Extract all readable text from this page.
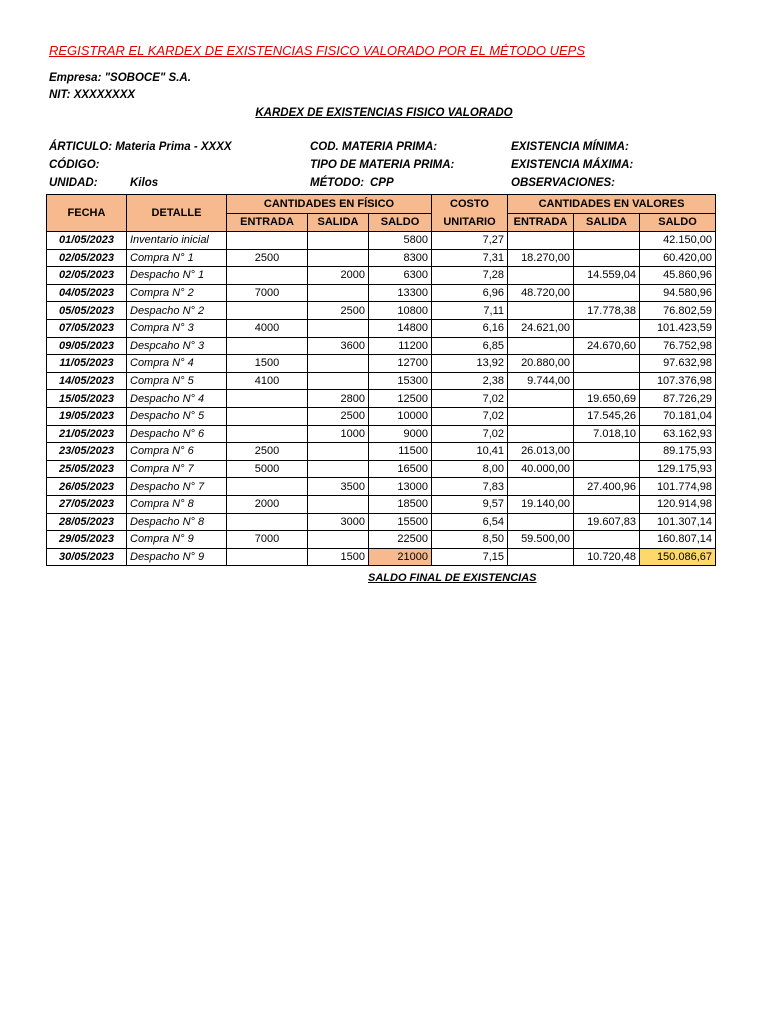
REGISTRAR EL KARDEX DE EXISTENCIAS FISICO VALORADO POR EL MÉTODO UEPS
Empresa: "SOBOCE" S.A.
NIT: XXXXXXXX
KARDEX DE EXISTENCIAS FISICO VALORADO
ÁRTICULO: Materia Prima - XXXX
CÓDIGO:
UNIDAD:	Kilos
COD. MATERIA PRIMA:
TIPO DE MATERIA PRIMA:
MÉTODO: CPP
EXISTENCIA MÍNIMA:
EXISTENCIA MÁXIMA:
OBSERVACIONES:
FECHA	DETALLE	CANTIDADES EN FÍSICO			COSTO UNITARIO	CANTIDADES EN VALORES		
		ENTRADA	SALIDA	SALDO		ENTRADA	SALIDA	SALDO
01/05/2023	Inventario inicial			5800	7,27			42.150,00
02/05/2023	Compra N° 1	2500		8300	7,31	18.270,00		60.420,00
02/05/2023	Despacho N° 1		2000	6300	7,28		14.559,04	45.860,96
04/05/2023	Compra N° 2	7000		13300	6,96	48.720,00		94.580,96
05/05/2023	Despacho N° 2		2500	10800	7,11		17.778,38	76.802,59
07/05/2023	Compra N° 3	4000		14800	6,16	24.621,00		101.423,59
09/05/2023	Despcaho N° 3		3600	11200	6,85		24.670,60	76.752,98
11/05/2023	Compra N° 4	1500		12700	13,92	20.880,00		97.632,98
14/05/2023	Compra N° 5	4100		15300	2,38	9.744,00		107.376,98
15/05/2023	Despacho N° 4		2800	12500	7,02		19.650,69	87.726,29
19/05/2023	Despacho N° 5		2500	10000	7,02		17.545,26	70.181,04
21/05/2023	Despacho N° 6		1000	9000	7,02		7.018,10	63.162,93
23/05/2023	Compra N° 6	2500		11500	10,41	26.013,00		89.175,93
25/05/2023	Compra N° 7	5000		16500	8,00	40.000,00		129.175,93
26/05/2023	Despacho N° 7		3500	13000	7,83		27.400,96	101.774,98
27/05/2023	Compra N° 8	2000		18500	9,57	19.140,00		120.914,98
28/05/2023	Despacho N° 8		3000	15500	6,54		19.607,83	101.307,14
29/05/2023	Compra N° 9	7000		22500	8,50	59.500,00		160.807,14
30/05/2023	Despacho N° 9		1500	21000	7,15		10.720,48	150.086,67
SALDO FINAL DE EXISTENCIAS
